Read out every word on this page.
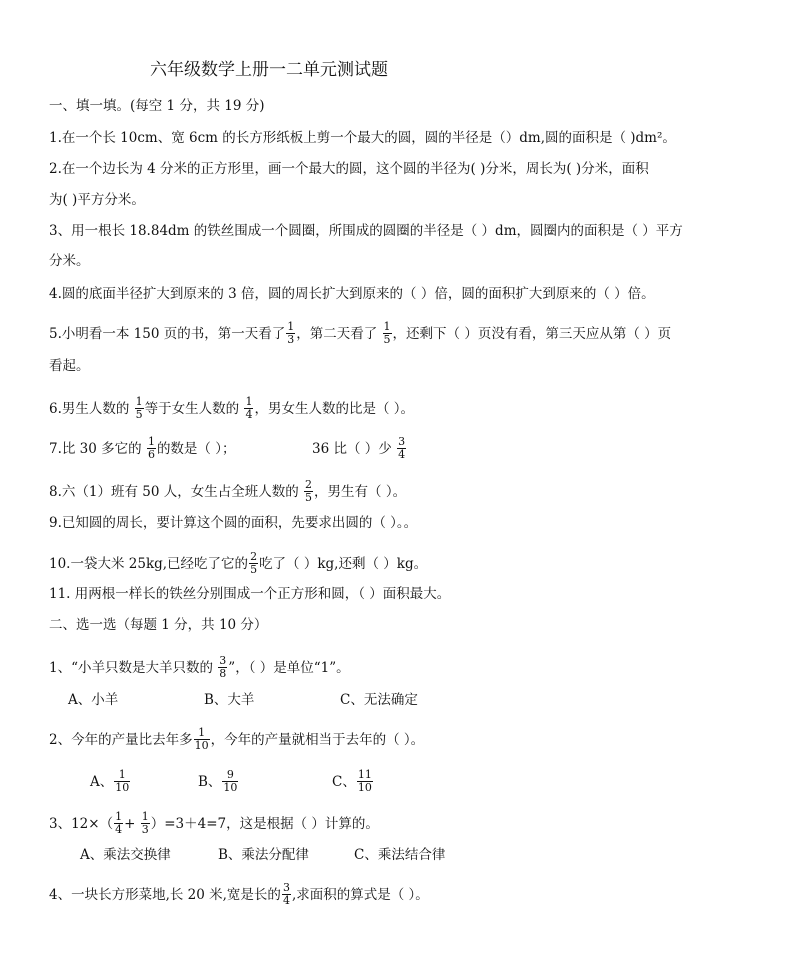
六年级数学上册一二单元测试题
一、填一填。(每空 1 分，共 19 分)
1.在一个长 10cm、宽 6cm 的长方形纸板上剪一个最大的圆，圆的半径是（）dm,圆的面积是（ )dm²。
2.在一个边长为 4 分米的正方形里，画一个最大的圆，这个圆的半径为( )分米，周长为( )分米，面积
为( )平方分米。
3、用一根长 18.84dm 的铁丝围成一个圆圈，所围成的圆圈的半径是（ ）dm，圆圈内的面积是（ ）平方
分米。
4.圆的底面半径扩大到原来的 3 倍，圆的周长扩大到原来的（ ）倍，圆的面积扩大到原来的（ ）倍。
5.小明看一本 150 页的书，第一天看了 $\frac{1}{3}$ ，第二天看了 $\frac{1}{5}$ ，还剩下（ ）页没有看，第三天应从第（ ）页
看起。
6.男生人数的 $\frac{1}{5}$ 等于女生人数的 $\frac{1}{4}$ ，男女生人数的比是（ ）。
7.比 30 多它的 $\frac{1}{6}$ 的数是（ ）；	36 比（ ）少 $\frac{3}{4}$
8.六（1）班有 50 人，女生占全班人数的 $\frac{2}{5}$ ，男生有（ ）。
9.已知圆的周长，要计算这个圆的面积，先要求出圆的（ ）。。
10.一袋大米 25kg,已经吃了它的 $\frac{2}{5}$ 吃了（ ）kg,还剩（ ）kg。
11. 用两根一样长的铁丝分别围成一个正方形和圆，（ ）面积最大。
二、选一选（每题 1 分，共 10 分）
1、“小羊只数是大羊只数的 $\frac{3}{8}$ ”，（ ）是单位“1”。
A、小羊	B、大羊	C、无法确定
2、今年的产量比去年多 $\frac{1}{10}$ ，今年的产量就相当于去年的（ ）。
A、 $\frac{1}{10}$	B、 $\frac{9}{10}$	C、 $\frac{11}{10}$
3、$12\times( \frac{1}{4} + \frac{1}{3} )=3+4=7$，这是根据（ ）计算的。
A、乘法交换律	B、乘法分配律	C、乘法结合律
4、一块长方形菜地,长 20 米,宽是长的 $\frac{3}{4}$ ,求面积的算式是（ ）。
